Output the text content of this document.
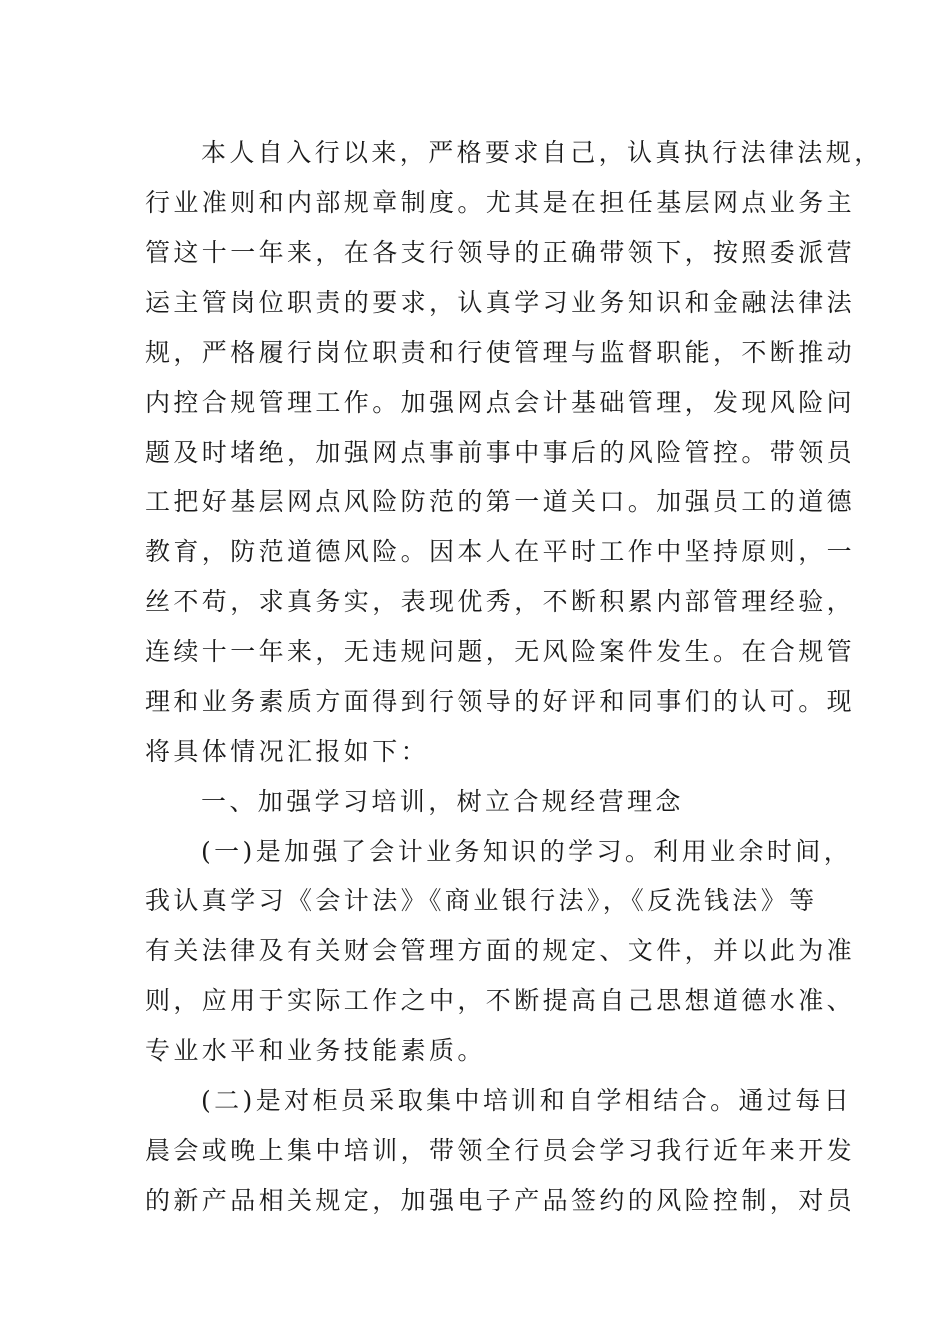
本人自入行以来，严格要求自己，认真执行法律法规，
行业准则和内部规章制度。尤其是在担任基层网点业务主
管这十一年来，在各支行领导的正确带领下，按照委派营
运主管岗位职责的要求，认真学习业务知识和金融法律法
规，严格履行岗位职责和行使管理与监督职能，不断推动
内控合规管理工作。加强网点会计基础管理，发现风险问
题及时堵绝，加强网点事前事中事后的风险管控。带领员
工把好基层网点风险防范的第一道关口。加强员工的道德
教育，防范道德风险。因本人在平时工作中坚持原则，一
丝不苟，求真务实，表现优秀，不断积累内部管理经验，
连续十一年来，无违规问题，无风险案件发生。在合规管
理和业务素质方面得到行领导的好评和同事们的认可。现
将具体情况汇报如下：
一、加强学习培训，树立合规经营理念
(一)是加强了会计业务知识的学习。利用业余时间，
我认真学习《会计法》《商业银行法》，《反洗钱法》等
有关法律及有关财会管理方面的规定、文件，并以此为准
则，应用于实际工作之中，不断提高自己思想道德水准、
专业水平和业务技能素质。
(二)是对柜员采取集中培训和自学相结合。通过每日
晨会或晚上集中培训，带领全行员会学习我行近年来开发
的新产品相关规定，加强电子产品签约的风险控制，对员
